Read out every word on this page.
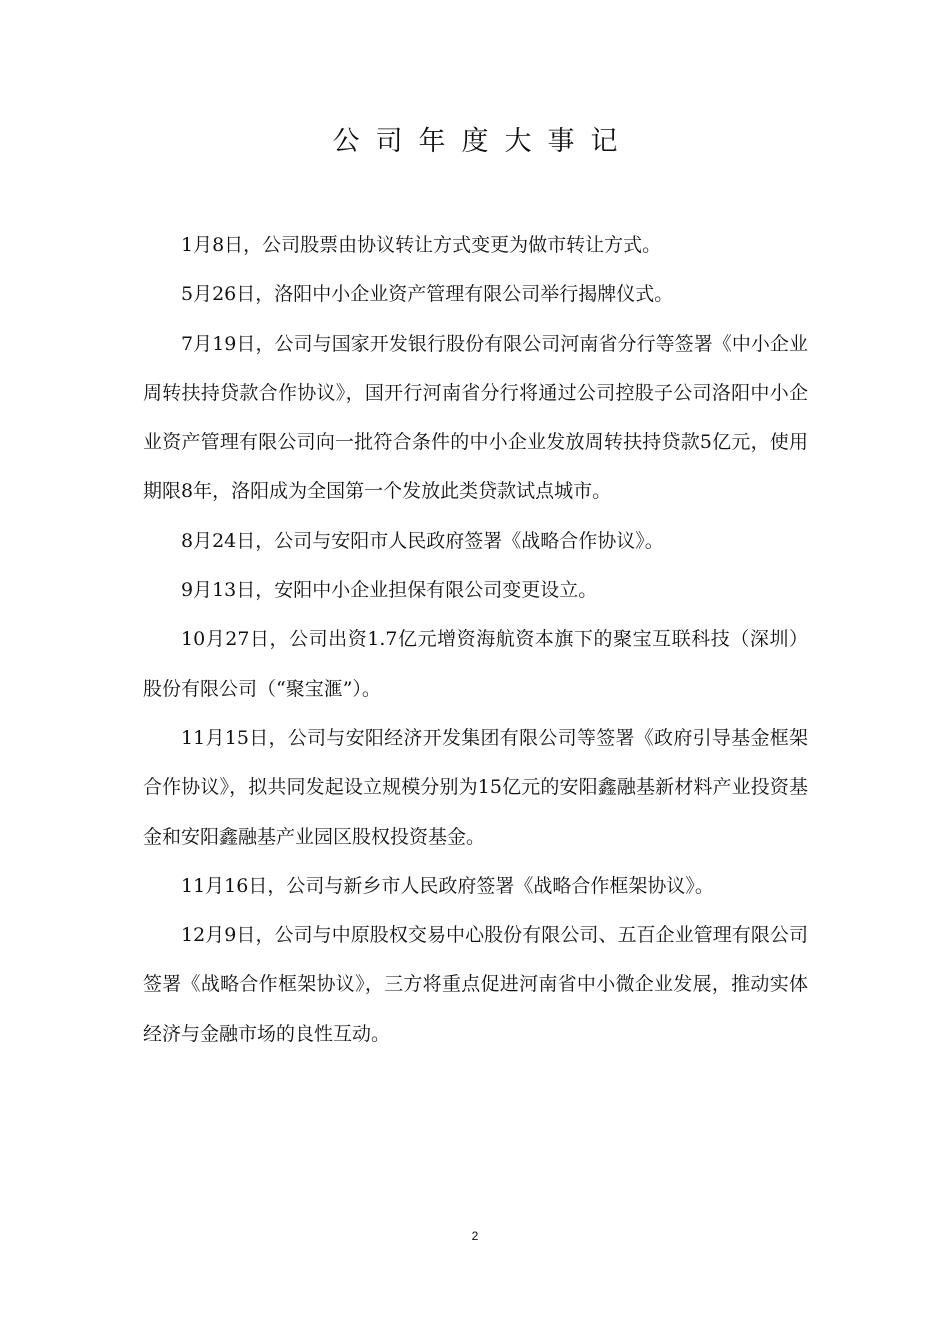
公司年度大事记

1月8日，公司股票由协议转让方式变更为做市转让方式。

5月26日，洛阳中小企业资产管理有限公司举行揭牌仪式。

7月19日，公司与国家开发银行股份有限公司河南省分行等签署《中小企业周转扶持贷款合作协议》，国开行河南省分行将通过公司控股子公司洛阳中小企业资产管理有限公司向一批符合条件的中小企业发放周转扶持贷款5亿元，使用期限8年，洛阳成为全国第一个发放此类贷款试点城市。

8月24日，公司与安阳市人民政府签署《战略合作协议》。

9月13日，安阳中小企业担保有限公司变更设立。

10月27日，公司出资1.7亿元增资海航资本旗下的聚宝互联科技（深圳）股份有限公司（“聚宝滙”）。

11月15日，公司与安阳经济开发集团有限公司等签署《政府引导基金框架合作协议》，拟共同发起设立规模分别为15亿元的安阳鑫融基新材料产业投资基金和安阳鑫融基产业园区股权投资基金。

11月16日，公司与新乡市人民政府签署《战略合作框架协议》。

12月9日，公司与中原股权交易中心股份有限公司、五百企业管理有限公司签署《战略合作框架协议》，三方将重点促进河南省中小微企业发展，推动实体经济与金融市场的良性互动。

2
